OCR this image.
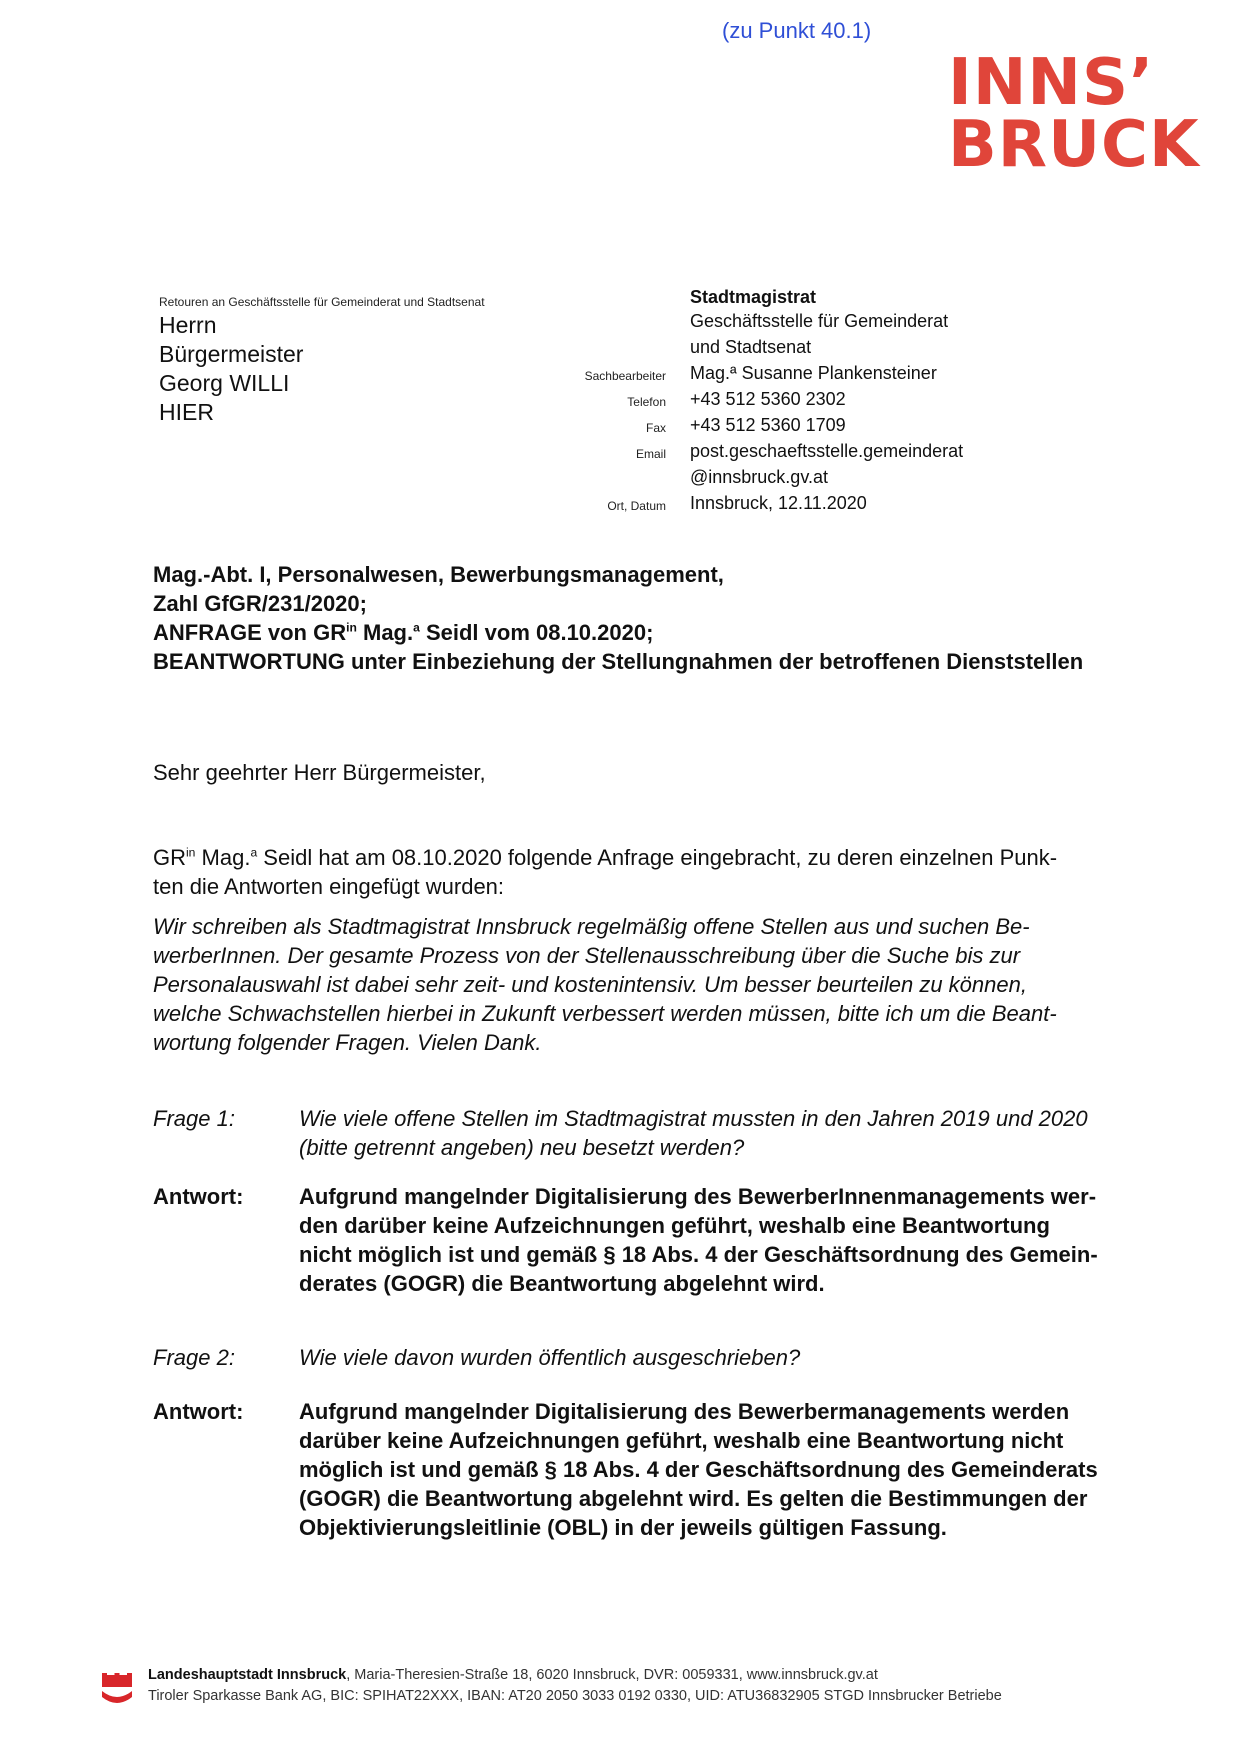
(zu Punkt 40.1)
INNS’
BRUCK
Retouren an Geschäftsstelle für Gemeinderat und Stadtsenat
Herrn
Bürgermeister
Georg WILLI
HIER
Stadtmagistrat
Geschäftsstelle für Gemeinderat
und Stadtsenat
Sachbearbeiter Mag.ª Susanne Plankensteiner
Telefon +43 512 5360 2302
Fax +43 512 5360 1709
Email post.geschaeftsstelle.gemeinderat
@innsbruck.gv.at
Ort, Datum Innsbruck, 12.11.2020
Mag.-Abt. I, Personalwesen, Bewerbungsmanagement,
Zahl GfGR/231/2020;
ANFRAGE von $GR^{in}$ Mag.$^a$ Seidl vom 08.10.2020;
BEANTWORTUNG unter Einbeziehung der Stellungnahmen der betroffenen Dienststellen
Sehr geehrter Herr Bürgermeister,
$GR^{in}$ Mag.$^a$ Seidl hat am 08.10.2020 folgende Anfrage eingebracht, zu deren einzelnen Punk-
ten die Antworten eingefügt wurden:
Wir schreiben als Stadtmagistrat Innsbruck regelmäßig offene Stellen aus und suchen Be-
werberInnen. Der gesamte Prozess von der Stellenausschreibung über die Suche bis zur
Personalauswahl ist dabei sehr zeit- und kostenintensiv. Um besser beurteilen zu können,
welche Schwachstellen hierbei in Zukunft verbessert werden müssen, bitte ich um die Beant-
wortung folgender Fragen. Vielen Dank.
Frage 1:	Wie viele offene Stellen im Stadtmagistrat mussten in den Jahren 2019 und 2020
(bitte getrennt angeben) neu besetzt werden?
Antwort:	Aufgrund mangelnder Digitalisierung des BewerberInnenmanagements wer-
den darüber keine Aufzeichnungen geführt, weshalb eine Beantwortung
nicht möglich ist und gemäß § 18 Abs. 4 der Geschäftsordnung des Gemein-
derates (GOGR) die Beantwortung abgelehnt wird.
Frage 2:	Wie viele davon wurden öffentlich ausgeschrieben?
Antwort:	Aufgrund mangelnder Digitalisierung des Bewerbermanagements werden
darüber keine Aufzeichnungen geführt, weshalb eine Beantwortung nicht
möglich ist und gemäß § 18 Abs. 4 der Geschäftsordnung des Gemeinderats
(GOGR) die Beantwortung abgelehnt wird. Es gelten die Bestimmungen der
Objektivierungsleitlinie (OBL) in der jeweils gültigen Fassung.
Landeshauptstadt Innsbruck, Maria-Theresien-Straße 18, 6020 Innsbruck, DVR: 0059331, www.innsbruck.gv.at
Tiroler Sparkasse Bank AG, BIC: SPIHAT22XXX, IBAN: AT20 2050 3033 0192 0330, UID: ATU36832905 STGD Innsbrucker Betriebe
